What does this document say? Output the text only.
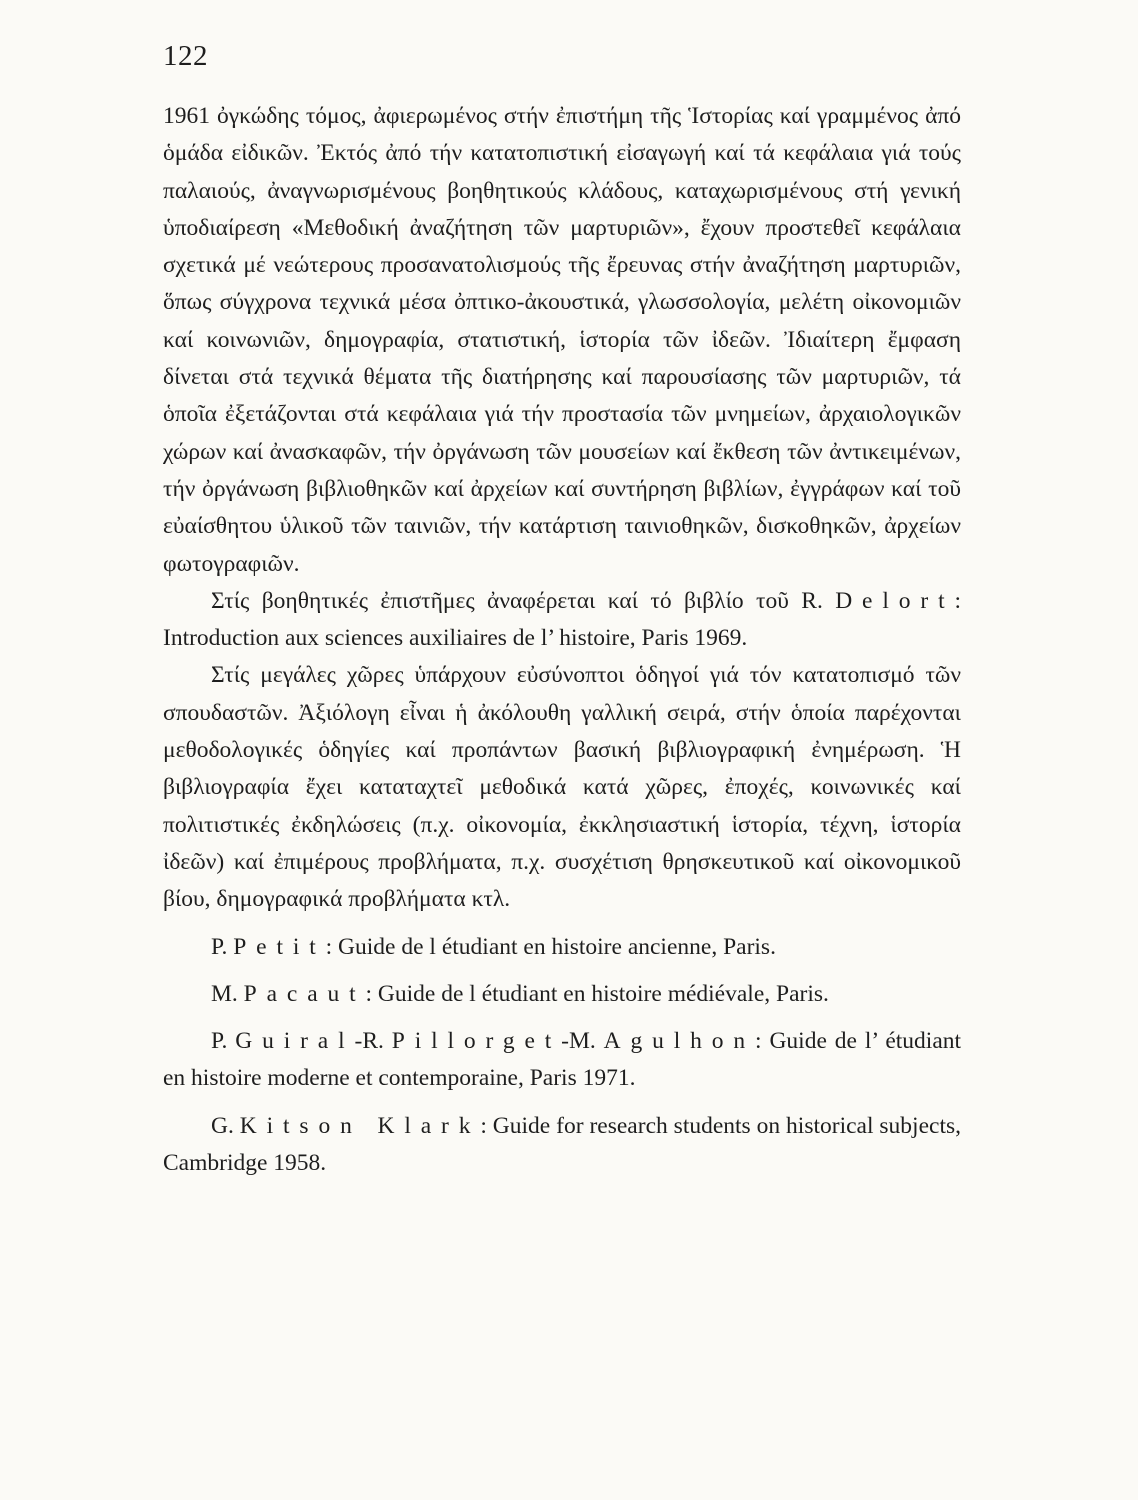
122

1961 ὀγκώδης τόμος, ἀφιερωμένος στήν ἐπιστήμη τῆς Ἱστορίας καί γραμμένος ἀπό ὁμάδα εἰδικῶν. Ἐκτός ἀπό τήν κατατοπιστική εἰσαγωγή καί τά κεφάλαια γιά τούς παλαιούς, ἀναγνωρισμένους βοηθητικούς κλάδους, καταχωρισμένους στή γενική ὑποδιαίρεση «Μεθοδική ἀναζήτηση τῶν μαρτυριῶν», ἔχουν προστεθεῖ κεφάλαια σχετικά μέ νεώτερους προσανατολισμούς τῆς ἔρευνας στήν ἀναζήτηση μαρτυριῶν, ὅπως σύγχρονα τεχνικά μέσα ὀπτικο-ἀκουστικά, γλωσσολογία, μελέτη οἰκονομιῶν καί κοινωνιῶν, δημογραφία, στατιστική, ἱστορία τῶν ἰδεῶν. Ἰδιαίτερη ἔμφαση δίνεται στά τεχνικά θέματα τῆς διατήρησης καί παρουσίασης τῶν μαρτυριῶν, τά ὁποῖα ἐξετάζονται στά κεφάλαια γιά τήν προστασία τῶν μνημείων, ἀρχαιολογικῶν χώρων καί ἀνασκαφῶν, τήν ὀργάνωση τῶν μουσείων καί ἔκθεση τῶν ἀντικειμένων, τήν ὀργάνωση βιβλιοθηκῶν καί ἀρχείων καί συντήρηση βιβλίων, ἐγγράφων καί τοῦ εὐαίσθητου ὑλικοῦ τῶν ταινιῶν, τήν κατάρτιση ταινιοθηκῶν, δισκοθηκῶν, ἀρχείων φωτογραφιῶν.

Στίς βοηθητικές ἐπιστῆμες ἀναφέρεται καί τό βιβλίο τοῦ R. Delort: Introduction aux sciences auxiliaires de l’ histoire, Paris 1969.

Στίς μεγάλες χῶρες ὑπάρχουν εὐσύνοπτοι ὁδηγοί γιά τόν κατατοπισμό τῶν σπουδαστῶν. Ἀξιόλογη εἶναι ἡ ἀκόλουθη γαλλική σειρά, στήν ὁποία παρέχονται μεθοδολογικές ὁδηγίες καί προπάντων βασική βιβλιογραφική ἐνημέρωση. Ἡ βιβλιογραφία ἔχει καταταχτεῖ μεθοδικά κατά χῶρες, ἐποχές, κοινωνικές καί πολιτιστικές ἐκδηλώσεις (π.χ. οἰκονομία, ἐκκλησιαστική ἱστορία, τέχνη, ἱστορία ἰδεῶν) καί ἐπιμέρους προβλήματα, π.χ. συσχέτιση θρησκευτικοῦ καί οἰκονομικοῦ βίου, δημογραφικά προβλήματα κτλ.

P. Petit: Guide de l étudiant en histoire ancienne, Paris.

M. Pacaut: Guide de l étudiant en histoire médiévale, Paris.

P. Guiral-R. Pillorget-M. Agulhon: Guide de l’ étudiant en histoire moderne et contemporaine, Paris 1971.

G. Kitson Klark: Guide for research students on historical subjects, Cambridge 1958.
